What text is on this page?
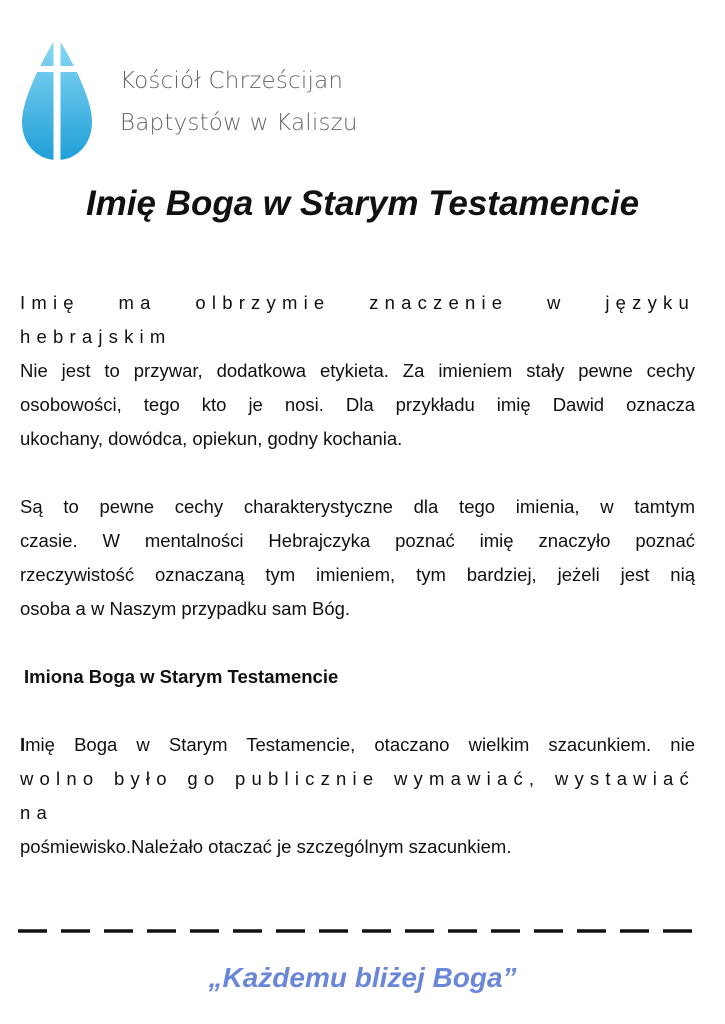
Kościół Chrześcijan
Baptystów w Kaliszu
Imię Boga w Starym Testamencie

Imię ma olbrzymie znaczenie w języku hebrajskim

Nie jest to przywar, dodatkowa etykieta. Za imieniem stały pewne cechy

osobowości, tego kto je nosi. Dla przykładu imię Dawid oznacza

ukochany, dowódca, opiekun, godny kochania.

Są to pewne cechy charakterystyczne dla tego imienia, w tamtym

czasie. W mentalności Hebrajczyka poznać imię znaczyło poznać

rzeczywistość oznaczaną tym imieniem, tym bardziej, jeżeli jest nią

osoba a w Naszym przypadku sam Bóg.

Imiona Boga w Starym Testamencie

Imię Boga w Starym Testamencie, otaczano wielkim szacunkiem. nie

wolno było go publicznie wymawiać, wystawiać na

pośmiewisko.Należało otaczać je szczególnym szacunkiem.

„Każdemu bliżej Boga”
